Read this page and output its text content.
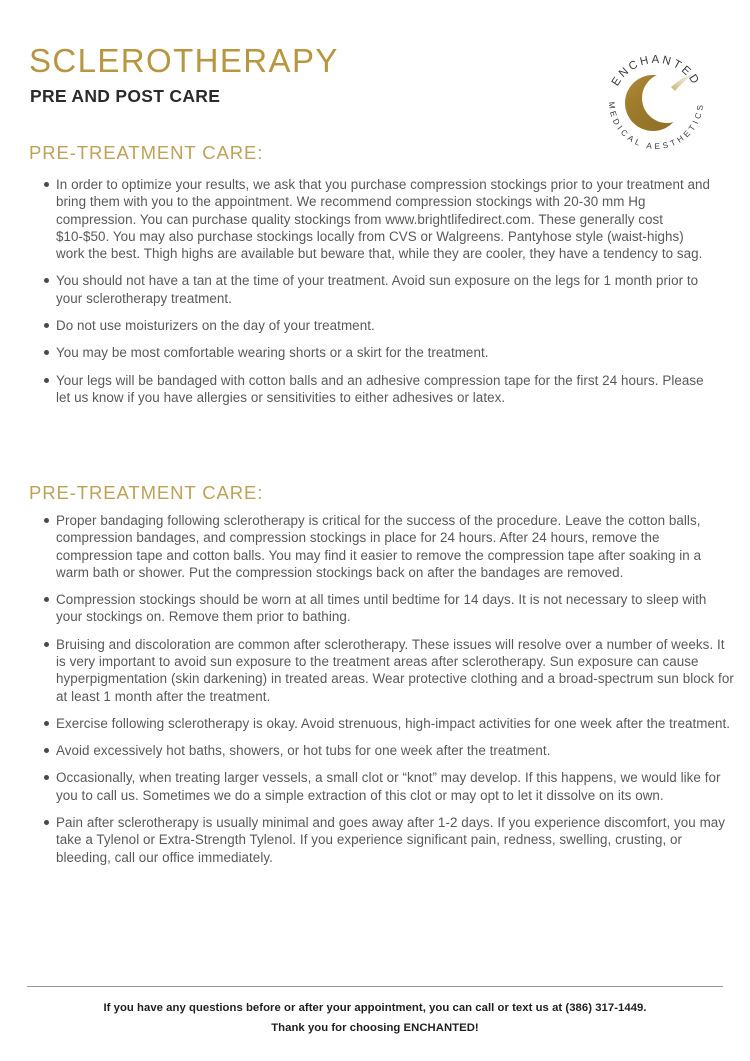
SCLEROTHERAPY
PRE AND POST CARE
MEDICAL AESTHETICS
PRE-TREATMENT CARE:
In order to optimize your results, we ask that you purchase compression stockings prior to your treatment and bring them with you to the appointment. We recommend compression stockings with 20-30 mm Hg compression. You can purchase quality stockings from www.brightlifedirect.com. These generally cost $10-$50. You may also purchase stockings locally from CVS or Walgreens. Pantyhose style (waist-highs) work the best. Thigh highs are available but beware that, while they are cooler, they have a tendency to sag.
You should not have a tan at the time of your treatment. Avoid sun exposure on the legs for 1 month prior to your sclerotherapy treatment.
Do not use moisturizers on the day of your treatment.
You may be most comfortable wearing shorts or a skirt for the treatment.
Your legs will be bandaged with cotton balls and an adhesive compression tape for the first 24 hours. Please let us know if you have allergies or sensitivities to either adhesives or latex.
PRE-TREATMENT CARE:
Proper bandaging following sclerotherapy is critical for the success of the procedure. Leave the cotton balls, compression bandages, and compression stockings in place for 24 hours. After 24 hours, remove the compression tape and cotton balls. You may find it easier to remove the compression tape after soaking in a warm bath or shower. Put the compression stockings back on after the bandages are removed.
Compression stockings should be worn at all times until bedtime for 14 days. It is not necessary to sleep with your stockings on. Remove them prior to bathing.
Bruising and discoloration are common after sclerotherapy. These issues will resolve over a number of weeks. It is very important to avoid sun exposure to the treatment areas after sclerotherapy. Sun exposure can cause hyperpigmentation (skin darkening) in treated areas. Wear protective clothing and a broad-spectrum sun block for at least 1 month after the treatment.
Exercise following sclerotherapy is okay. Avoid strenuous, high-impact activities for one week after the treatment.
Avoid excessively hot baths, showers, or hot tubs for one week after the treatment.
Occasionally, when treating larger vessels, a small clot or “knot” may develop. If this happens, we would like for you to call us. Sometimes we do a simple extraction of this clot or may opt to let it dissolve on its own.
Pain after sclerotherapy is usually minimal and goes away after 1-2 days. If you experience discomfort, you may take a Tylenol or Extra-Strength Tylenol. If you experience significant pain, redness, swelling, crusting, or bleeding, call our office immediately.

If you have any questions before or after your appointment, you can call or text us at (386) 317-1449.

Thank you for choosing ENCHANTED!
